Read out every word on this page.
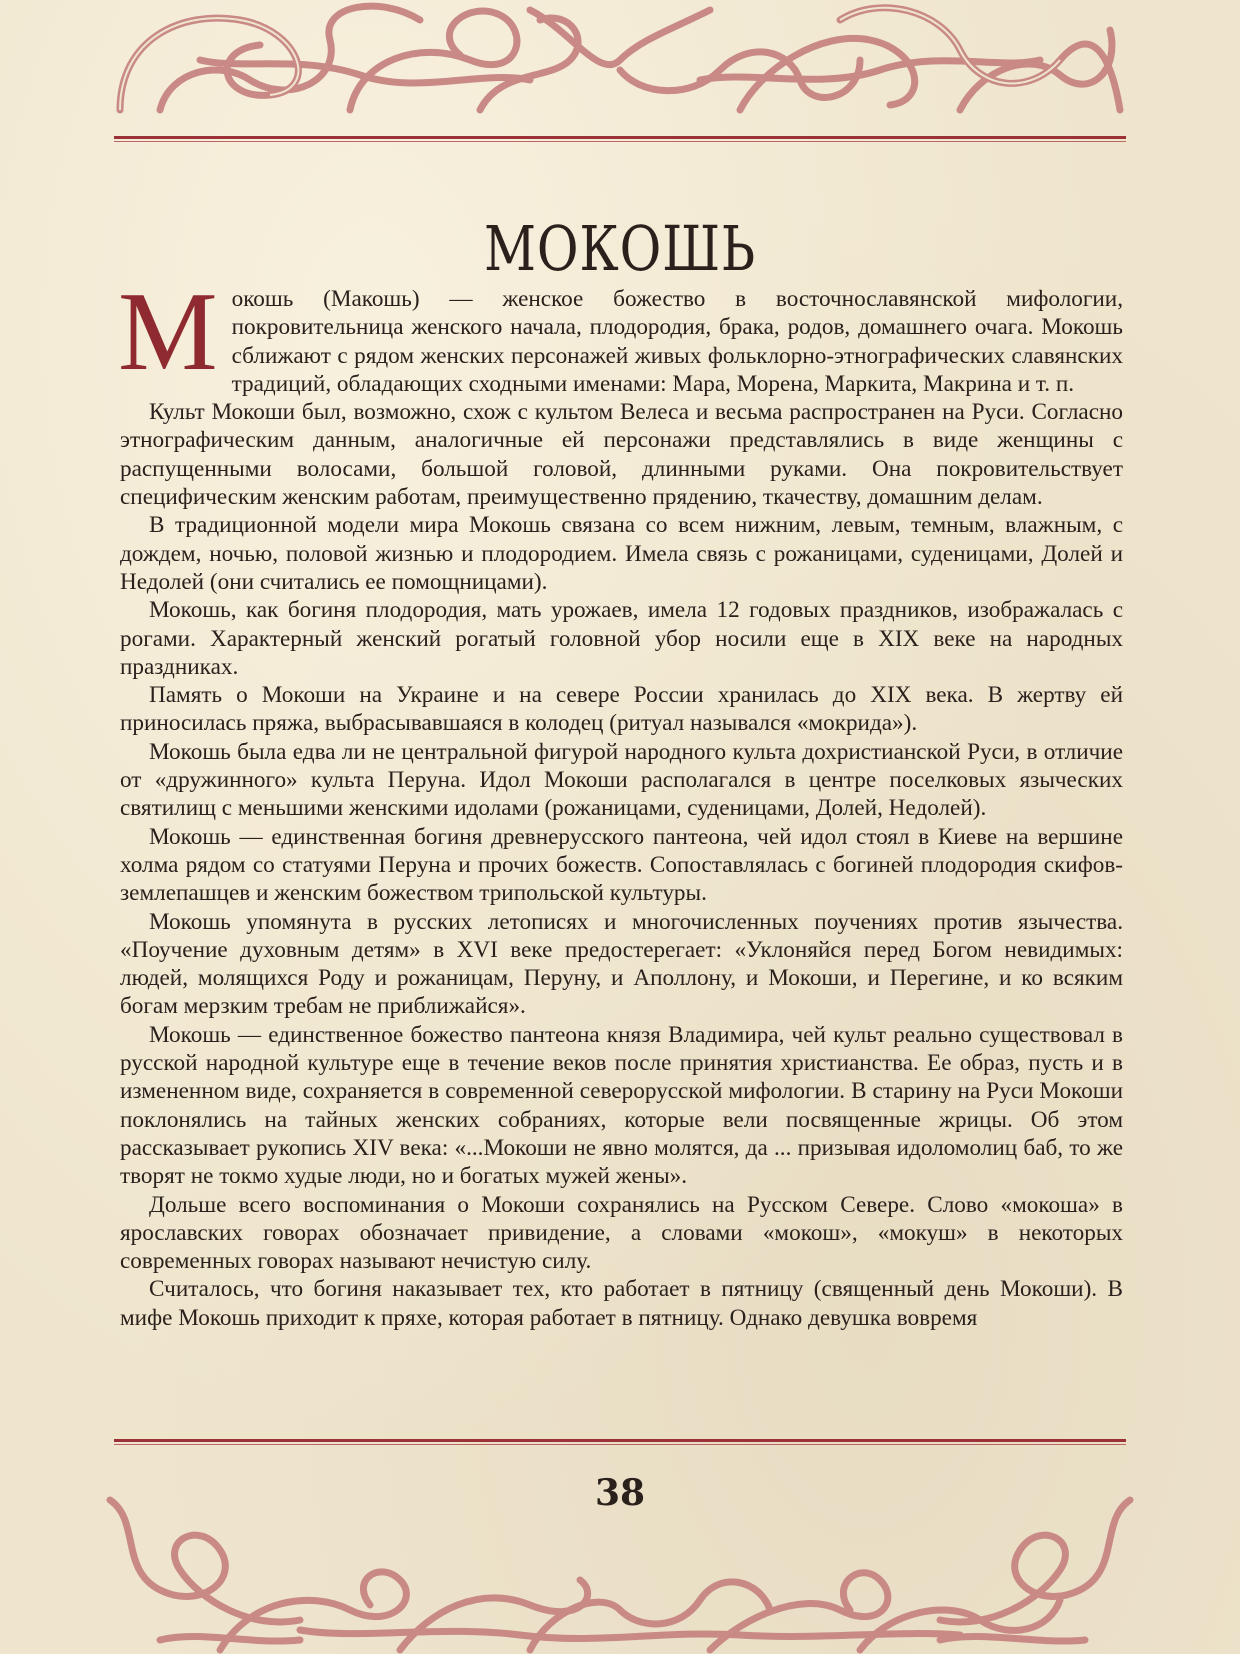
МОКОШЬ

Мокошь (Макошь) — женское божество в восточнославянской мифологии, покровительница женского начала, плодородия, брака, родов, домашнего очага. Мокошь сближают с рядом женских персонажей живых фольклорно-этнографических славянских традиций, обладающих сходными именами: Мара, Морена, Маркита, Макрина и т. п.

Культ Мокоши был, возможно, схож с культом Велеса и весьма распространен на Руси. Согласно этнографическим данным, аналогичные ей персонажи представлялись в виде женщины с распущенными волосами, большой головой, длинными руками. Она покровительствует специфическим женским работам, преимущественно прядению, ткачеству, домашним делам.

В традиционной модели мира Мокошь связана со всем нижним, левым, темным, влажным, с дождем, ночью, половой жизнью и плодородием. Имела связь с рожаницами, суденицами, Долей и Недолей (они считались ее помощницами).

Мокошь, как богиня плодородия, мать урожаев, имела 12 годовых праздников, изображалась с рогами. Характерный женский рогатый головной убор носили еще в XIX веке на народных праздниках.

Память о Мокоши на Украине и на севере России хранилась до XIX века. В жертву ей приносилась пряжа, выбрасывавшаяся в колодец (ритуал назывался «мокрида»).

Мокошь была едва ли не центральной фигурой народного культа дохристианской Руси, в отличие от «дружинного» культа Перуна. Идол Мокоши располагался в центре поселковых языческих святилищ с меньшими женскими идолами (рожаницами, суденицами, Долей, Недолей).

Мокошь — единственная богиня древнерусского пантеона, чей идол стоял в Киеве на вершине холма рядом со статуями Перуна и прочих божеств. Сопоставлялась с богиней плодородия скифов-землепашцев и женским божеством трипольской культуры.

Мокошь упомянута в русских летописях и многочисленных поучениях против язычества. «Поучение духовным детям» в XVI веке предостерегает: «Уклоняйся перед Богом невидимых: людей, молящихся Роду и рожаницам, Перуну, и Аполлону, и Мокоши, и Перегине, и ко всяким богам мерзким требам не приближайся».

Мокошь — единственное божество пантеона князя Владимира, чей культ реально существовал в русской народной культуре еще в течение веков после принятия христианства. Ее образ, пусть и в измененном виде, сохраняется в современной северорусской мифологии. В старину на Руси Мокоши поклонялись на тайных женских собраниях, которые вели посвященные жрицы. Об этом рассказывает рукопись XIV века: «...Мокоши не явно молятся, да ... призывая идоломолиц баб, то же творят не токмо худые люди, но и богатых мужей жены».

Дольше всего воспоминания о Мокоши сохранялись на Русском Севере. Слово «мокоша» в ярославских говорах обозначает привидение, а словами «мокош», «мокуш» в некоторых современных говорах называют нечистую силу.

Считалось, что богиня наказывает тех, кто работает в пятницу (священный день Мокоши). В мифе Мокошь приходит к пряхе, которая работает в пятницу. Однако девушка вовремя

38
